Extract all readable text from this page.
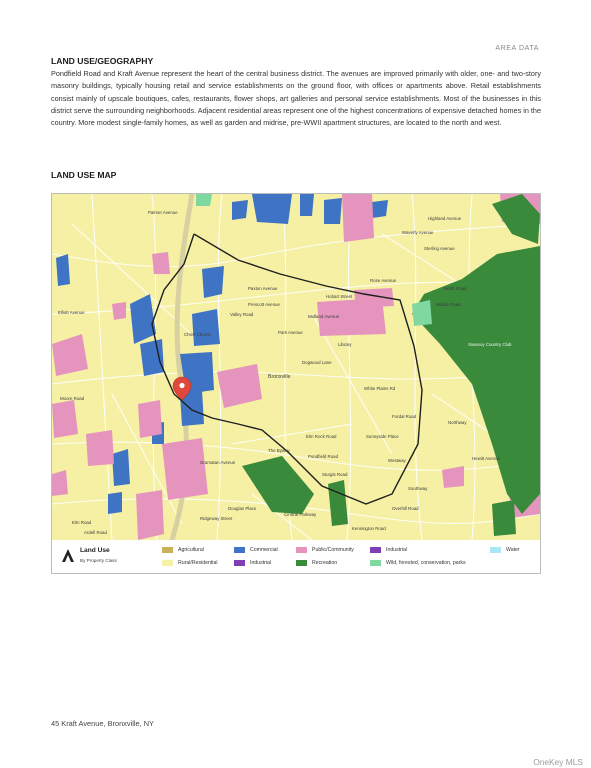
AREA DATA
LAND USE/GEOGRAPHY

Pondfield Road and Kraft Avenue represent the heart of the central business district. The avenues are improved primarily with older, one- and two-story masonry buildings, typically housing retail and service establishments on the ground floor, with offices or apartments above. Retail establishments consist mainly of upscale boutiques, cafes, restaurants, flower shops, art galleries and personal service establishments. Most of the businesses in this district serve the surrounding neighborhoods. Adjacent residential areas represent one of the highest concentrations of expensive detached homes in the country. More modest single-family homes, as well as garden and midrise, pre-WWII apartment structures, are located to the north and west.

LAND USE MAP
Hobart Street
Bronxville
Rose Avenue
Elm Rock Road
Pondfield Road
Westway
Highland Avenue
Waverly Avenue
Sterling Avenue
North Road
Middle Road
Gramatan Avenue
Sturgis Road
Ridgeway Street
Overhill Road
Christ Church
Siwanoy Country Club
Paxton Avenue
Park Avenue
Valley Road
Prescott Avenue
Midland Avenue
Sunnyside Place
Fordal Road
Elliott Avenue
Moore Road
Elm Road
Ardell Road
The Byway
Palmer Avenue
Northway
Hewitt Avenue
Douglas Place
Central Parkway
Southway
Kensington Road
Library
White Plains Rd
Dogwood Lane
Land Use
By Property Class
Agricultural	Commercial	Public/Community	Industrial	Water
Rural/Residential	Industrial	Recreation	Wild, forested, conservation, parks
45 Kraft Avenue, Bronxville, NY
OneKey MLS
